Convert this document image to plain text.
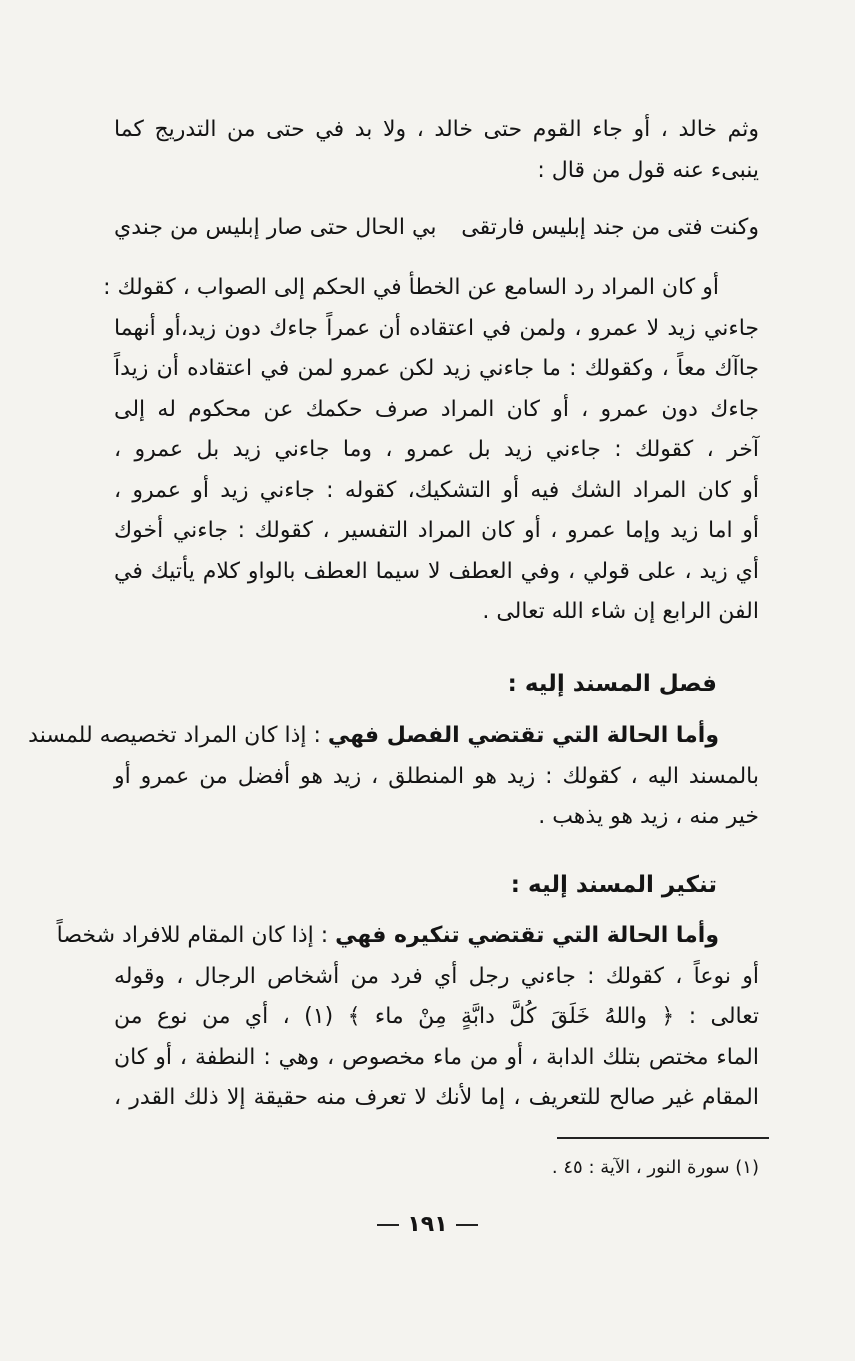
وثم خالد ، أو جاء القوم حتى خالد ، ولا بد في حتى من التدريج كما
ينبىء عنه قول من قال :
وكنت فتى من جند إبليس فارتقى
بي الحال حتى صار إبليس من جندي
أو كان المراد رد السامع عن الخطأ في الحكم إلى الصواب ، كقولك :
جاءني زيد لا عمرو ، ولمن في اعتقاده أن عمراً جاءك دون زيد،أو أنهما
جاآك معاً ، وكقولك : ما جاءني زيد لكن عمرو لمن في اعتقاده أن زيداً
جاءك دون عمرو ، أو كان المراد صرف حكمك عن محكوم له إلى
آخر ، كقولك : جاءني زيد بل عمرو ، وما جاءني زيد بل عمرو ،
أو كان المراد الشك فيه أو التشكيك، كقوله : جاءني زيد أو عمرو ،
أو اما زيد وإما عمرو ، أو كان المراد التفسير ، كقولك : جاءني أخوك
أي زيد ، على قولي ، وفي العطف لا سيما العطف بالواو كلام يأتيك في
الفن الرابع إن شاء الله تعالى .
فصل المسند إليه :
وأما الحالة التي تقتضي الفصل فهي : إذا كان المراد تخصيصه للمسند
بالمسند اليه ، كقولك : زيد هو المنطلق ، زيد هو أفضل من عمرو أو
خير منه ، زيد هو يذهب .
تنكير المسند إليه :
وأما الحالة التي تقتضي تنكيره فهي : إذا كان المقام للافراد شخصاً
أو نوعاً ، كقولك : جاءني رجل أي فرد من أشخاص الرجال ، وقوله
تعالى : ﴿ واللهُ خَلَقَ كُلَّ دابَّةٍ مِنْ ماء ﴾ (١) ، أي من نوع من
الماء مختص بتلك الدابة ، أو من ماء مخصوص ، وهي : النطفة ، أو كان
المقام غير صالح للتعريف ، إما لأنك لا تعرف منه حقيقة إلا ذلك القدر ،
(١) سورة النور ، الآية : ٤٥ .
١٩١
